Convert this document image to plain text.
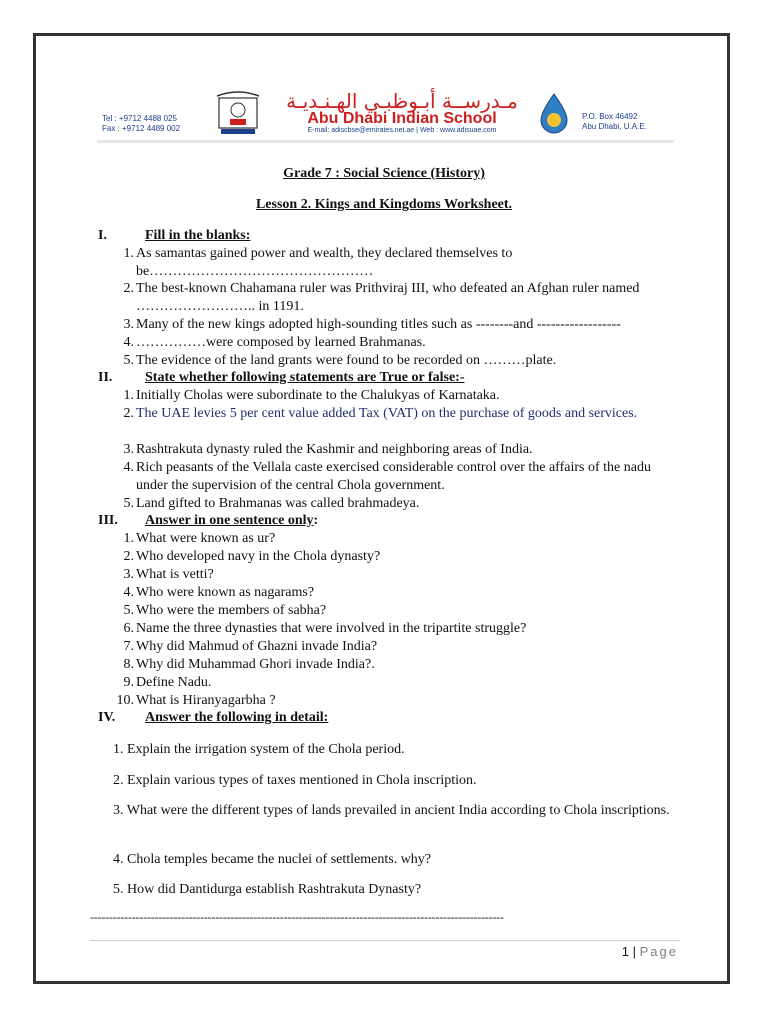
Tel : +9712 4488 025
Fax : +9712 4489 002
مـدرســة أبـوظبـي الهـنـديـة
Abu Dhabi Indian School
E-mail: adiscbse@emirates.net.ae | Web : www.adisuae.com
P.O. Box 46492
Abu Dhabi, U.A.E.
Grade 7 : Social Science (History)
Lesson 2. Kings and Kingdoms Worksheet.
I.	Fill in the blanks:
1. As samantas gained power and wealth, they declared themselves to be…………………………………………
2. The best-known Chahamana ruler was Prithviraj III, who defeated an Afghan ruler named …………………….. in 1191.
3. Many of the new kings adopted high-sounding titles such as --------and ------------------
4. ……………were composed by learned Brahmanas.
5. The evidence of the land grants were found to be recorded on ………plate.
II. State whether following statements are True or false:-
1. Initially Cholas were subordinate to the Chalukyas of Karnataka.
2. The UAE levies 5 per cent value added Tax (VAT) on the purchase of goods and services.
3. Rashtrakuta dynasty ruled the Kashmir and neighboring areas of India.
4. Rich peasants of the Vellala caste exercised considerable control over the affairs of the nadu under the supervision of the central Chola government.
5. Land gifted to Brahmanas was called brahmadeya.
III. Answer in one sentence only:
1. What were known as ur?
2. Who developed navy in the Chola dynasty?
3. What is vetti?
4. Who were known as nagarams?
5. Who were the members of sabha?
6. Name the three dynasties that were involved in the tripartite struggle?
7. Why did Mahmud of Ghazni invade India?
8. Why did Muhammad Ghori invade India?.
9. Define Nadu.
10. What is Hiranyagarbha ?
IV. Answer the following in detail:
1. Explain the irrigation system of the Chola period.
2. Explain various types of taxes mentioned in Chola inscription.
3. What were the different types of lands prevailed in ancient India according to Chola inscriptions.
4. Chola temples became the nuclei of settlements. why?
5. How did Dantidurga establish Rashtrakuta Dynasty?
-------------------------------------------------------------------------------------------------------------
1 | Page
